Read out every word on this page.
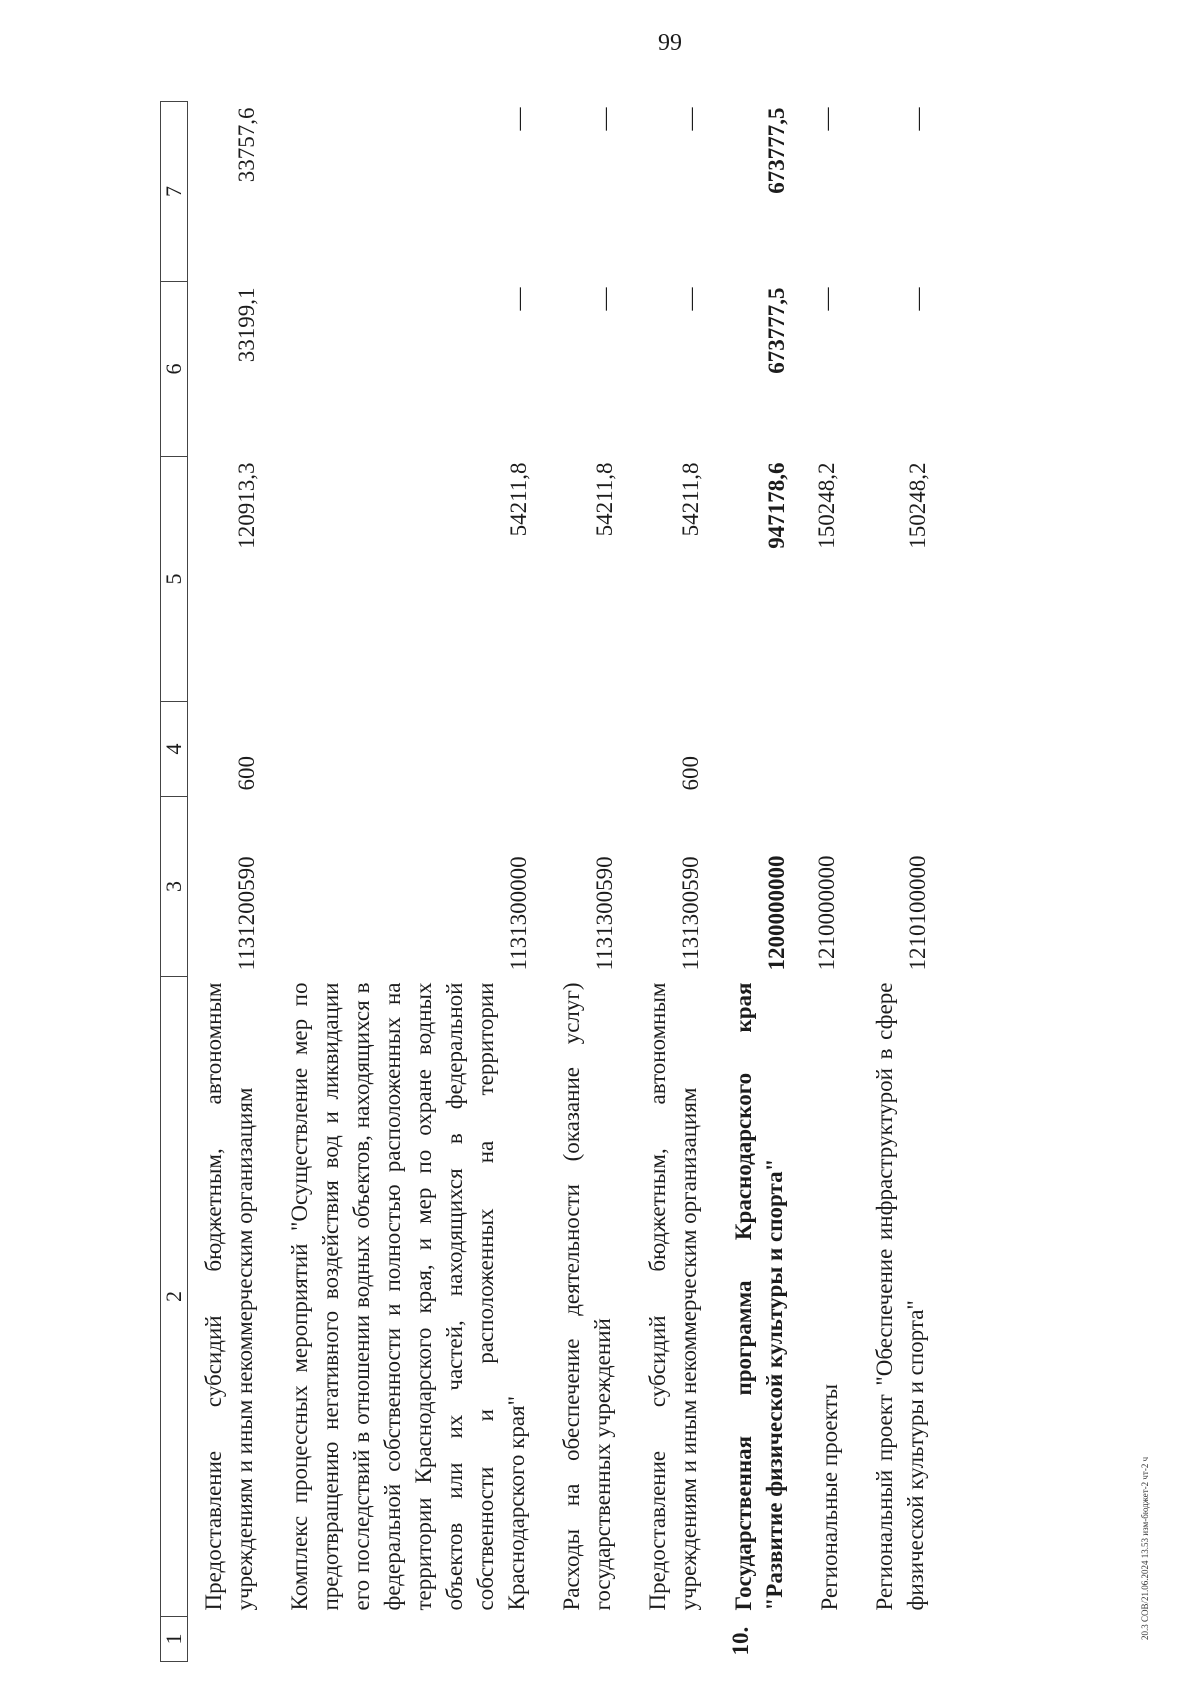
99
20.3 СОВ/21.06.2024 13.53 изм-бюджет-2 чт-2 ч
1	2	3	4	5	6	7
	Предоставление субсидий бюджетным, автономным учреждениям и иным некоммерческим организациям	1131200590	600	120913,3	33199,1	33757,6
	Комплекс процессных мероприятий "Осуществление мер по предотвращению негативного воздействия вод и ликвидации его последствий в отношении водных объектов, находящихся в федеральной собственности и полностью расположенных на территории Краснодарского края, и мер по охране водных объектов или их частей, находящихся в федеральной собственности и расположенных на территории Краснодарского края"	1131300000		54211,8	—	—
	Расходы на обеспечение деятельности (оказание услуг) государственных учреждений	1131300590		54211,8	—	—
	Предоставление субсидий бюджетным, автономным учреждениям и иным некоммерческим организациям	1131300590	600	54211,8	—	—
10.	Государственная программа Краснодарского края "Развитие физической культуры и спорта"	1200000000		947178,6	673777,5	673777,5
	Региональные проекты	1210000000		150248,2	—	—
	Региональный проект "Обеспечение инфраструктурой в сфере физической культуры и спорта"	1210100000		150248,2	—	—
